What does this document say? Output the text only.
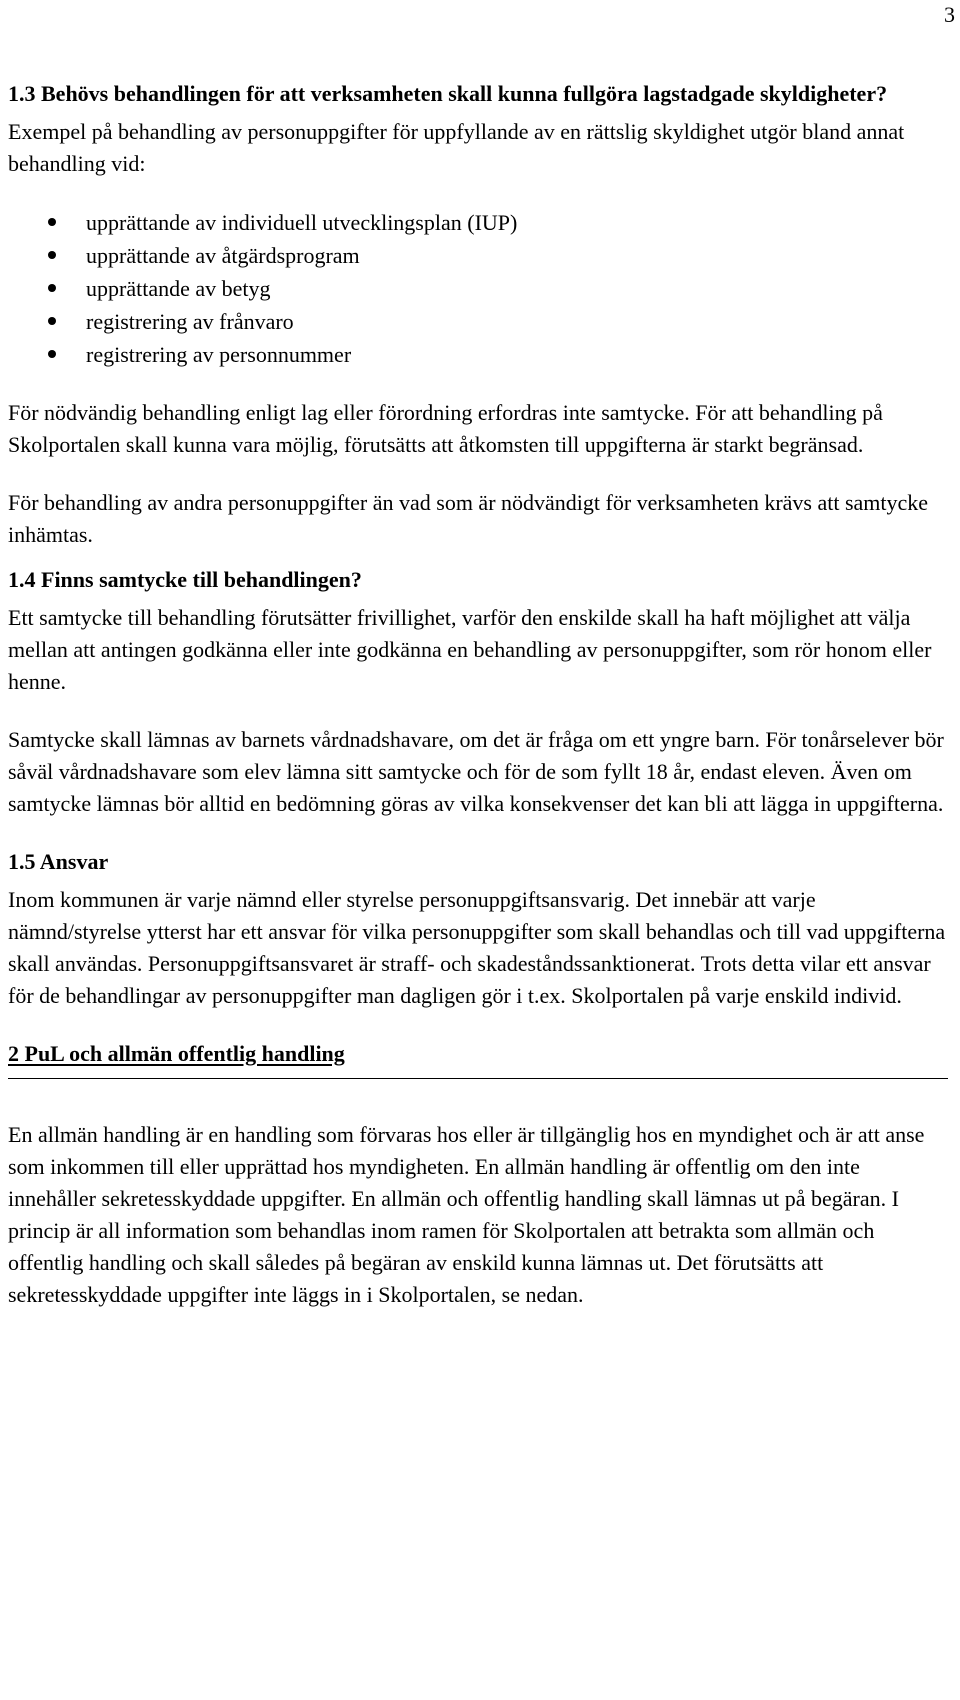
3
1.3 Behövs behandlingen för att verksamheten skall kunna fullgöra lagstadgade skyldigheter?

Exempel på behandling av personuppgifter för uppfyllande av en rättslig skyldighet utgör bland annat behandling vid:

upprättande av individuell utvecklingsplan (IUP)
upprättande av åtgärdsprogram
upprättande av betyg
registrering av frånvaro
registrering av personnummer

För nödvändig behandling enligt lag eller förordning erfordras inte samtycke. För att behandling på Skolportalen skall kunna vara möjlig, förutsätts att åtkomsten till uppgifterna är starkt begränsad.

För behandling av andra personuppgifter än vad som är nödvändigt för verksamheten krävs att samtycke inhämtas.

1.4 Finns samtycke till behandlingen?

Ett samtycke till behandling förutsätter frivillighet, varför den enskilde skall ha haft möjlighet att välja mellan att antingen godkänna eller inte godkänna en behandling av personuppgifter, som rör honom eller henne.

Samtycke skall lämnas av barnets vårdnadshavare, om det är fråga om ett yngre barn. För tonårselever bör såväl vårdnadshavare som elev lämna sitt samtycke och för de som fyllt 18 år, endast eleven. Även om samtycke lämnas bör alltid en bedömning göras av vilka konsekvenser det kan bli att lägga in uppgifterna.

1.5 Ansvar

Inom kommunen är varje nämnd eller styrelse personuppgiftsansvarig. Det innebär att varje nämnd/styrelse ytterst har ett ansvar för vilka personuppgifter som skall behandlas och till vad uppgifterna skall användas. Personuppgiftsansvaret är straff- och skadeståndssanktionerat. Trots detta vilar ett ansvar för de behandlingar av personuppgifter man dagligen gör i t.ex. Skolportalen på varje enskild individ.

2 PuL och allmän offentlig handling

En allmän handling är en handling som förvaras hos eller är tillgänglig hos en myndighet och är att anse som inkommen till eller upprättad hos myndigheten. En allmän handling är offentlig om den inte innehåller sekretesskyddade uppgifter. En allmän och offentlig handling skall lämnas ut på begäran. I princip är all information som behandlas inom ramen för Skolportalen att betrakta som allmän och offentlig handling och skall således på begäran av enskild kunna lämnas ut. Det förutsätts att sekretesskyddade uppgifter inte läggs in i Skolportalen, se nedan.
